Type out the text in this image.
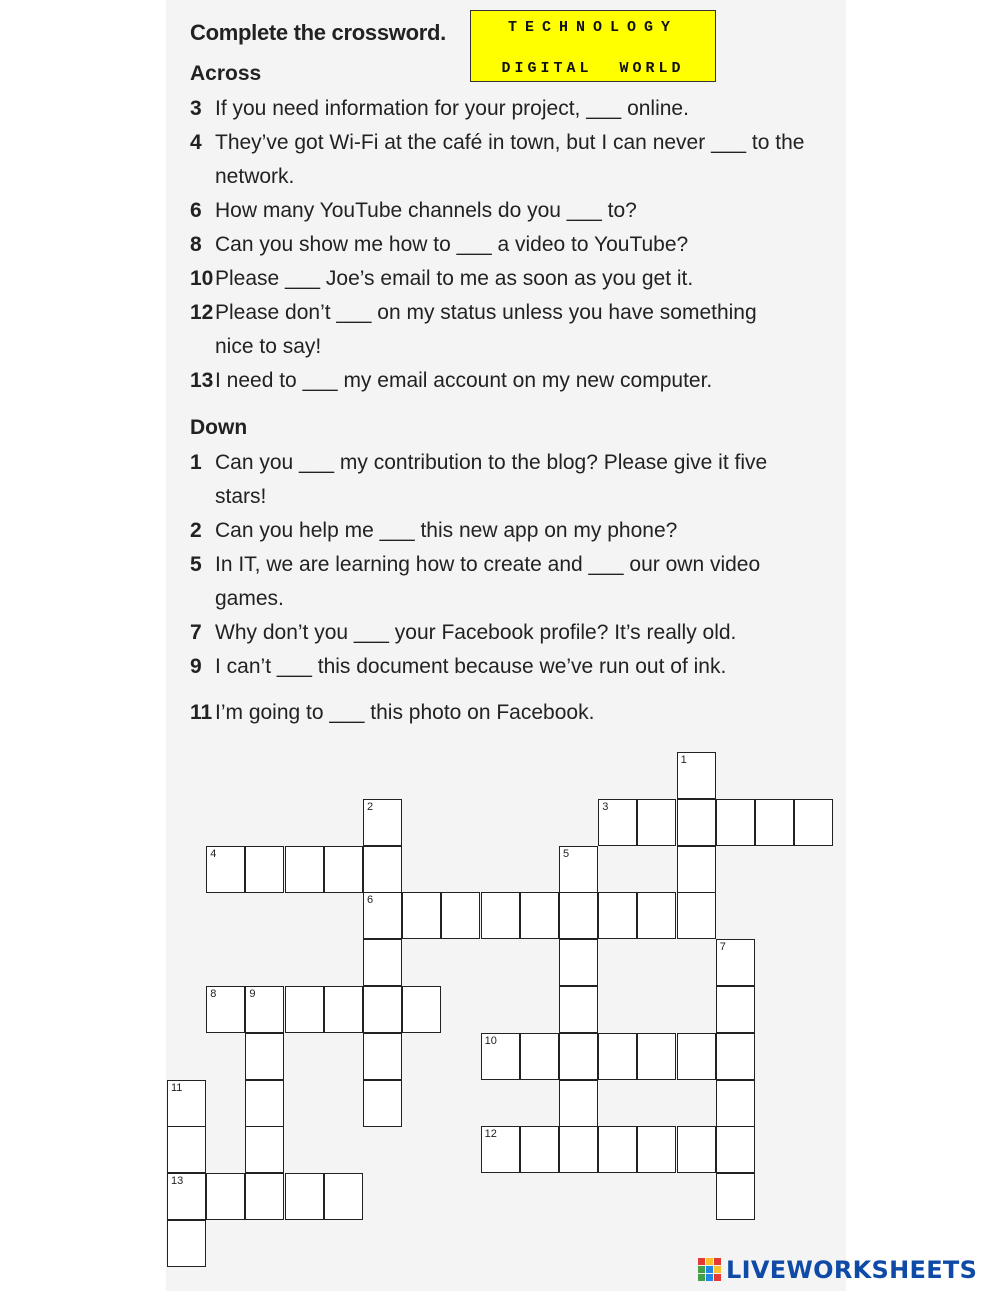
Complete the crossword.	TECHNOLOGY
DIGITAL WORLD
Across
3 If you need information for your project, ___ online.
4 They’ve got Wi-Fi at the café in town, but I can never ___ to the network.
6 How many YouTube channels do you ___ to?
8 Can you show me how to ___ a video to YouTube?
10 Please ___ Joe’s email to me as soon as you get it.
12 Please don’t ___ on my status unless you have something nice to say!
13 I need to ___ my email account on my new computer.
Down
1 Can you ___ my contribution to the blog? Please give it five stars!
2 Can you help me ___ this new app on my phone?
5 In IT, we are learning how to create and ___ our own video games.
7 Why don’t you ___ your Facebook profile? It’s really old.
9 I can’t ___ this document because we’ve run out of ink.
11 I’m going to ___ this photo on Facebook.
1
2
6
3
4	5
7
8	9
10
11
13
12
LIVEWORKSHEETS
